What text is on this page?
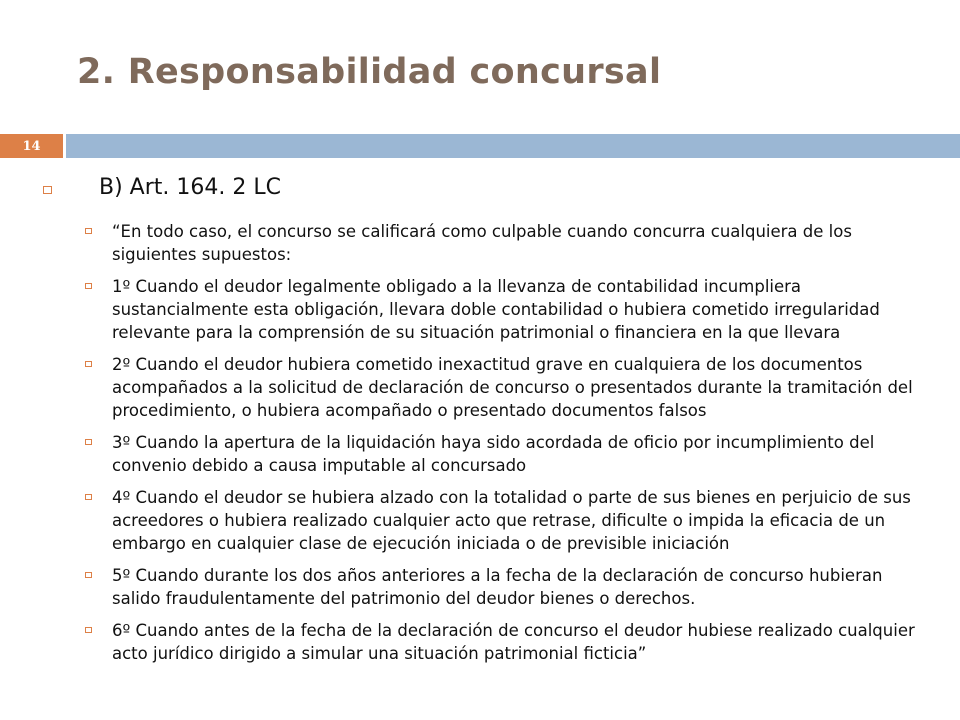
2. Responsabilidad concursal
14
B) Art. 164. 2 LC
“En todo caso, el concurso se calificará como culpable cuando concurra cualquiera de los siguientes supuestos:
1º Cuando el deudor legalmente obligado a la llevanza de contabilidad incumpliera sustancialmente esta obligación, llevara doble contabilidad o hubiera cometido irregularidad relevante para la comprensión de su situación patrimonial o financiera en la que llevara
2º Cuando el deudor hubiera cometido inexactitud grave en cualquiera de los documentos acompañados a la solicitud de declaración de concurso o presentados durante la tramitación del procedimiento, o hubiera acompañado o presentado documentos falsos
3º Cuando la apertura de la liquidación haya sido acordada de oficio por incumplimiento del convenio debido a causa imputable al concursado
4º Cuando el deudor se hubiera alzado con la totalidad o parte de sus bienes en perjuicio de sus acreedores o hubiera realizado cualquier acto que retrase, dificulte o impida la eficacia de un embargo en cualquier clase de ejecución iniciada o de previsible iniciación
5º Cuando durante los dos años anteriores a la fecha de la declaración de concurso hubieran salido fraudulentamente del patrimonio del deudor bienes o derechos.
6º Cuando antes de la fecha de la declaración de concurso el deudor hubiese realizado cualquier acto jurídico dirigido a simular una situación patrimonial ficticia”
